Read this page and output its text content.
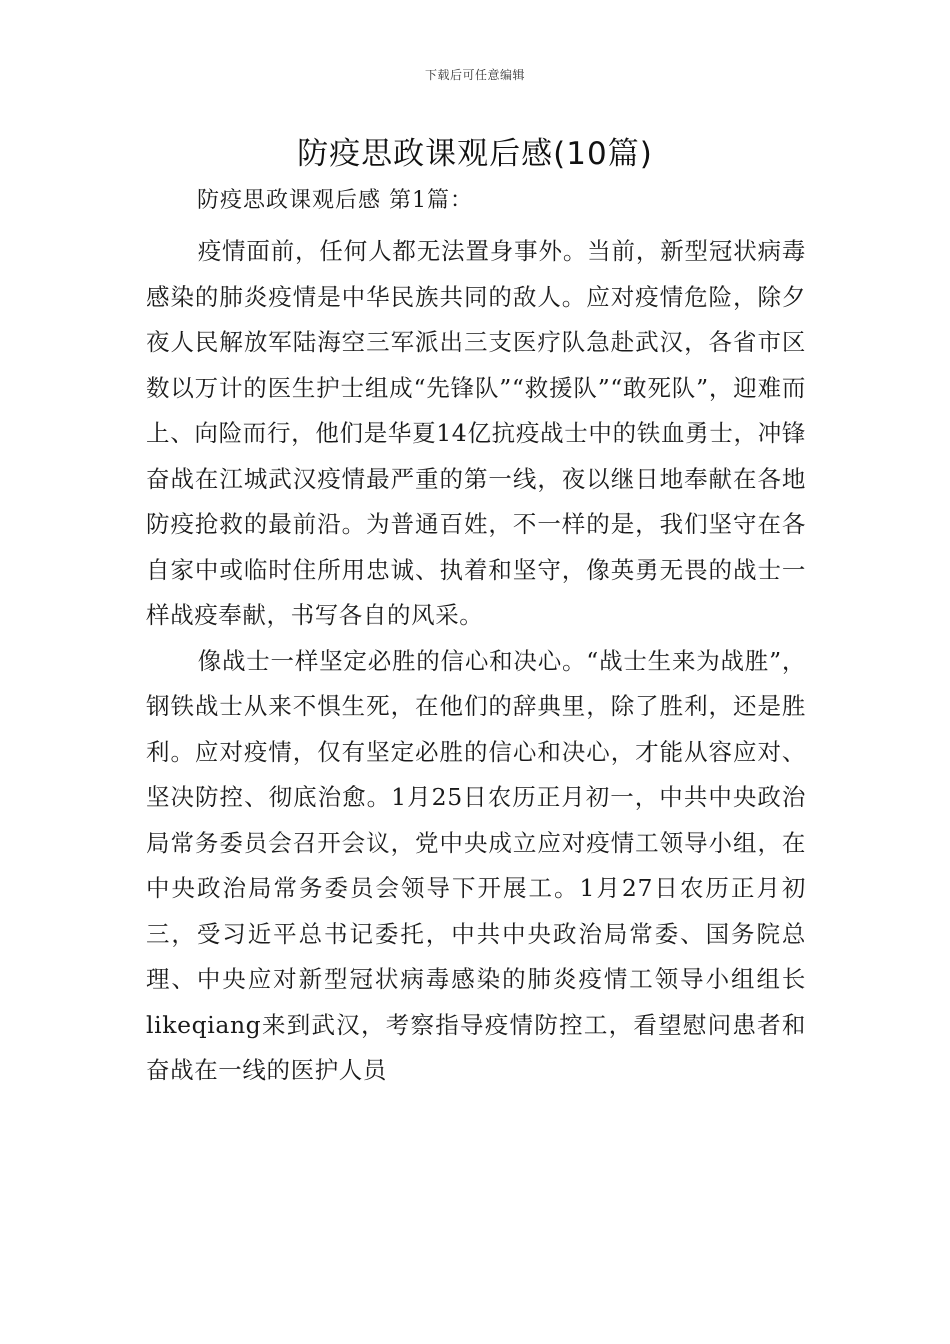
下载后可任意编辑
防疫思政课观后感(10篇)
防疫思政课观后感 第1篇：

疫情面前，任何人都无法置身事外。当前，新型冠状病毒感染的肺炎疫情是中华民族共同的敌人。应对疫情危险，除夕夜人民解放军陆海空三军派出三支医疗队急赴武汉，各省市区数以万计的医生护士组成“先锋队”“救援队”“敢死队”，迎难而上、向险而行，他们是华夏14亿抗疫战士中的铁血勇士，冲锋奋战在江城武汉疫情最严重的第一线，夜以继日地奉献在各地防疫抢救的最前沿。为普通百姓，不一样的是，我们坚守在各自家中或临时住所用忠诚、执着和坚守，像英勇无畏的战士一样战疫奉献，书写各自的风采。

像战士一样坚定必胜的信心和决心。“战士生来为战胜”，钢铁战士从来不惧生死，在他们的辞典里，除了胜利，还是胜利。应对疫情，仅有坚定必胜的信心和决心，才能从容应对、坚决防控、彻底治愈。1月25日农历正月初一，中共中央政治局常务委员会召开会议，党中央成立应对疫情工领导小组，在中央政治局常务委员会领导下开展工。1月27日农历正月初三，受习近平总书记委托，中共中央政治局常委、国务院总理、中央应对新型冠状病毒感染的肺炎疫情工领导小组组长likeqiang来到武汉，考察指导疫情防控工，看望慰问患者和奋战在一线的医护人员
